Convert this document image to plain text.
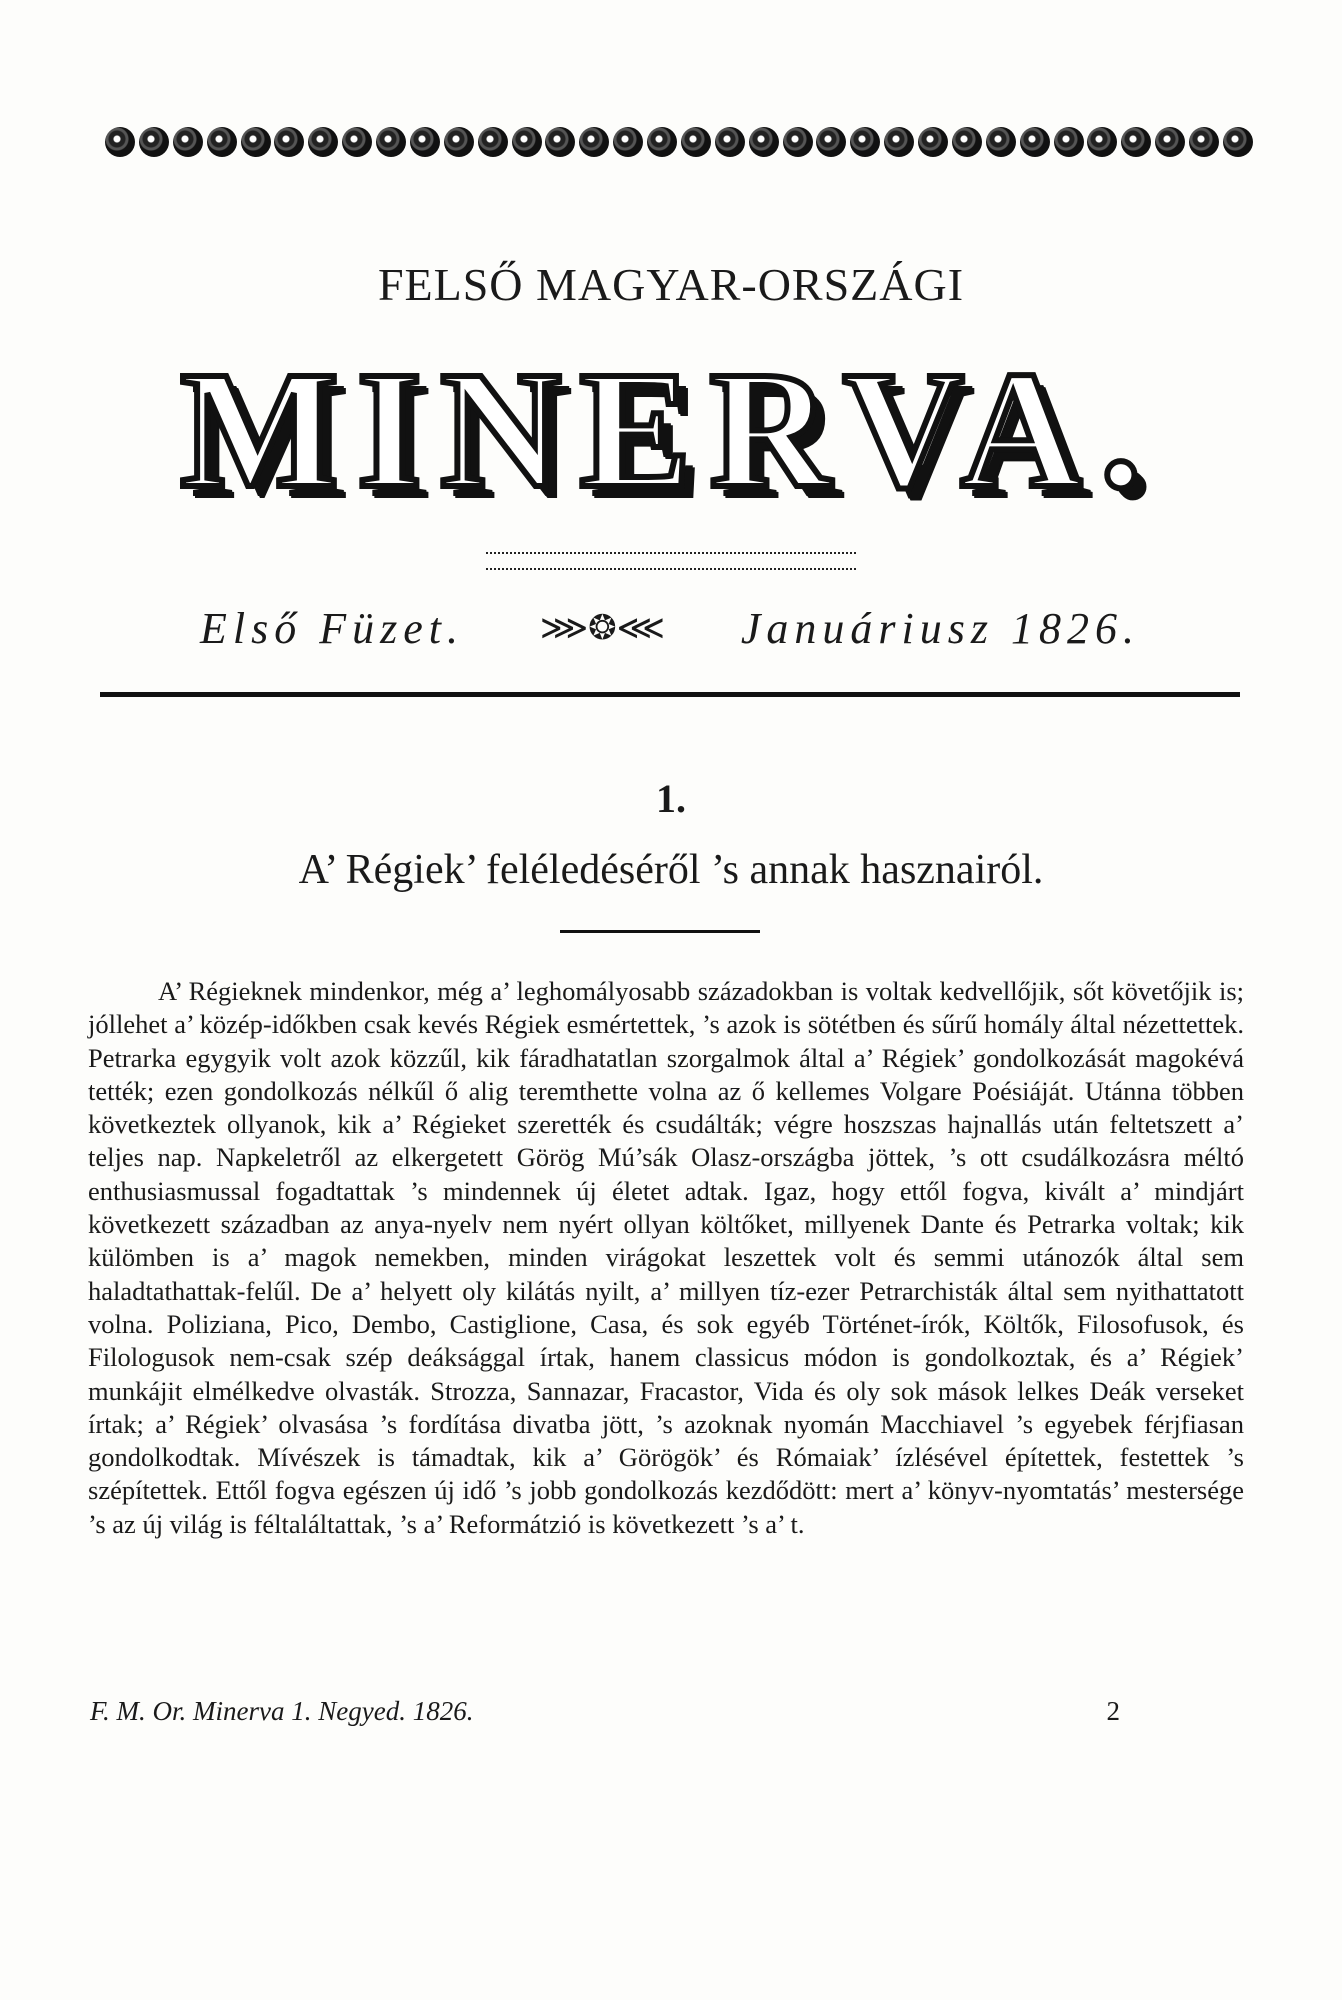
FELSŐ MAGYAR-ORSZÁGI
MINERVA.
Első Füzet. ⋙❂⋘ Januáriusz 1826.
1.
A’ Régiek’ feléledéséről ’s annak hasznairól.
A’ Régieknek mindenkor, még a’ leghomályosabb századokban is voltak kedvellőjik, sőt követőjik is; jóllehet a’ közép-időkben csak kevés Régiek esmértettek, ’s azok is sötétben és sűrű homály által nézettettek. Petrarka egygyik volt azok közzűl, kik fáradhatatlan szorgalmok által a’ Régiek’ gondolkozását magokévá tették; ezen gondolkozás nélkűl ő alig teremthette volna az ő kellemes Volgare Poésiáját. Utánna többen következtek ollyanok, kik a’ Régieket szerették és csudálták; végre hoszszas hajnallás után feltetszett a’ teljes nap. Napkeletről az elkergetett Görög Mú’sák Olasz-országba jöttek, ’s ott csudálkozásra méltó enthusiasmussal fogadtattak ’s mindennek új életet adtak. Igaz, hogy ettől fogva, kivált a’ mindjárt következett században az anya-nyelv nem nyért ollyan költőket, millyenek Dante és Petrarka voltak; kik külömben is a’ magok nemekben, minden virágokat leszettek volt és semmi utánozók által sem haladtathattak-felűl. De a’ helyett oly kilátás nyilt, a’ millyen tíz-ezer Petrarchisták által sem nyithattatott volna. Poliziana, Pico, Dembo, Castiglione, Casa, és sok egyéb Történet-írók, Költők, Filosofusok, és Filologusok nem-csak szép deáksággal írtak, hanem classicus módon is gondolkoztak, és a’ Régiek’ munkájit elmélkedve olvasták. Strozza, Sannazar, Fracastor, Vida és oly sok mások lelkes Deák verseket írtak; a’ Régiek’ olvasása ’s fordítása divatba jött, ’s azoknak nyomán Macchiavel ’s egyebek férjfiasan gondolkodtak. Mívészek is támadtak, kik a’ Görögök’ és Rómaiak’ ízlésével építettek, festettek ’s szépítettek. Ettől fogva egészen új idő ’s jobb gondolkozás kezdődött: mert a’ könyv-nyomtatás’ mestersége ’s az új világ is féltaláltattak, ’s a’ Reformátzió is következett ’s a’ t.
F. M. Or. Minerva 1. Negyed. 1826.	2
